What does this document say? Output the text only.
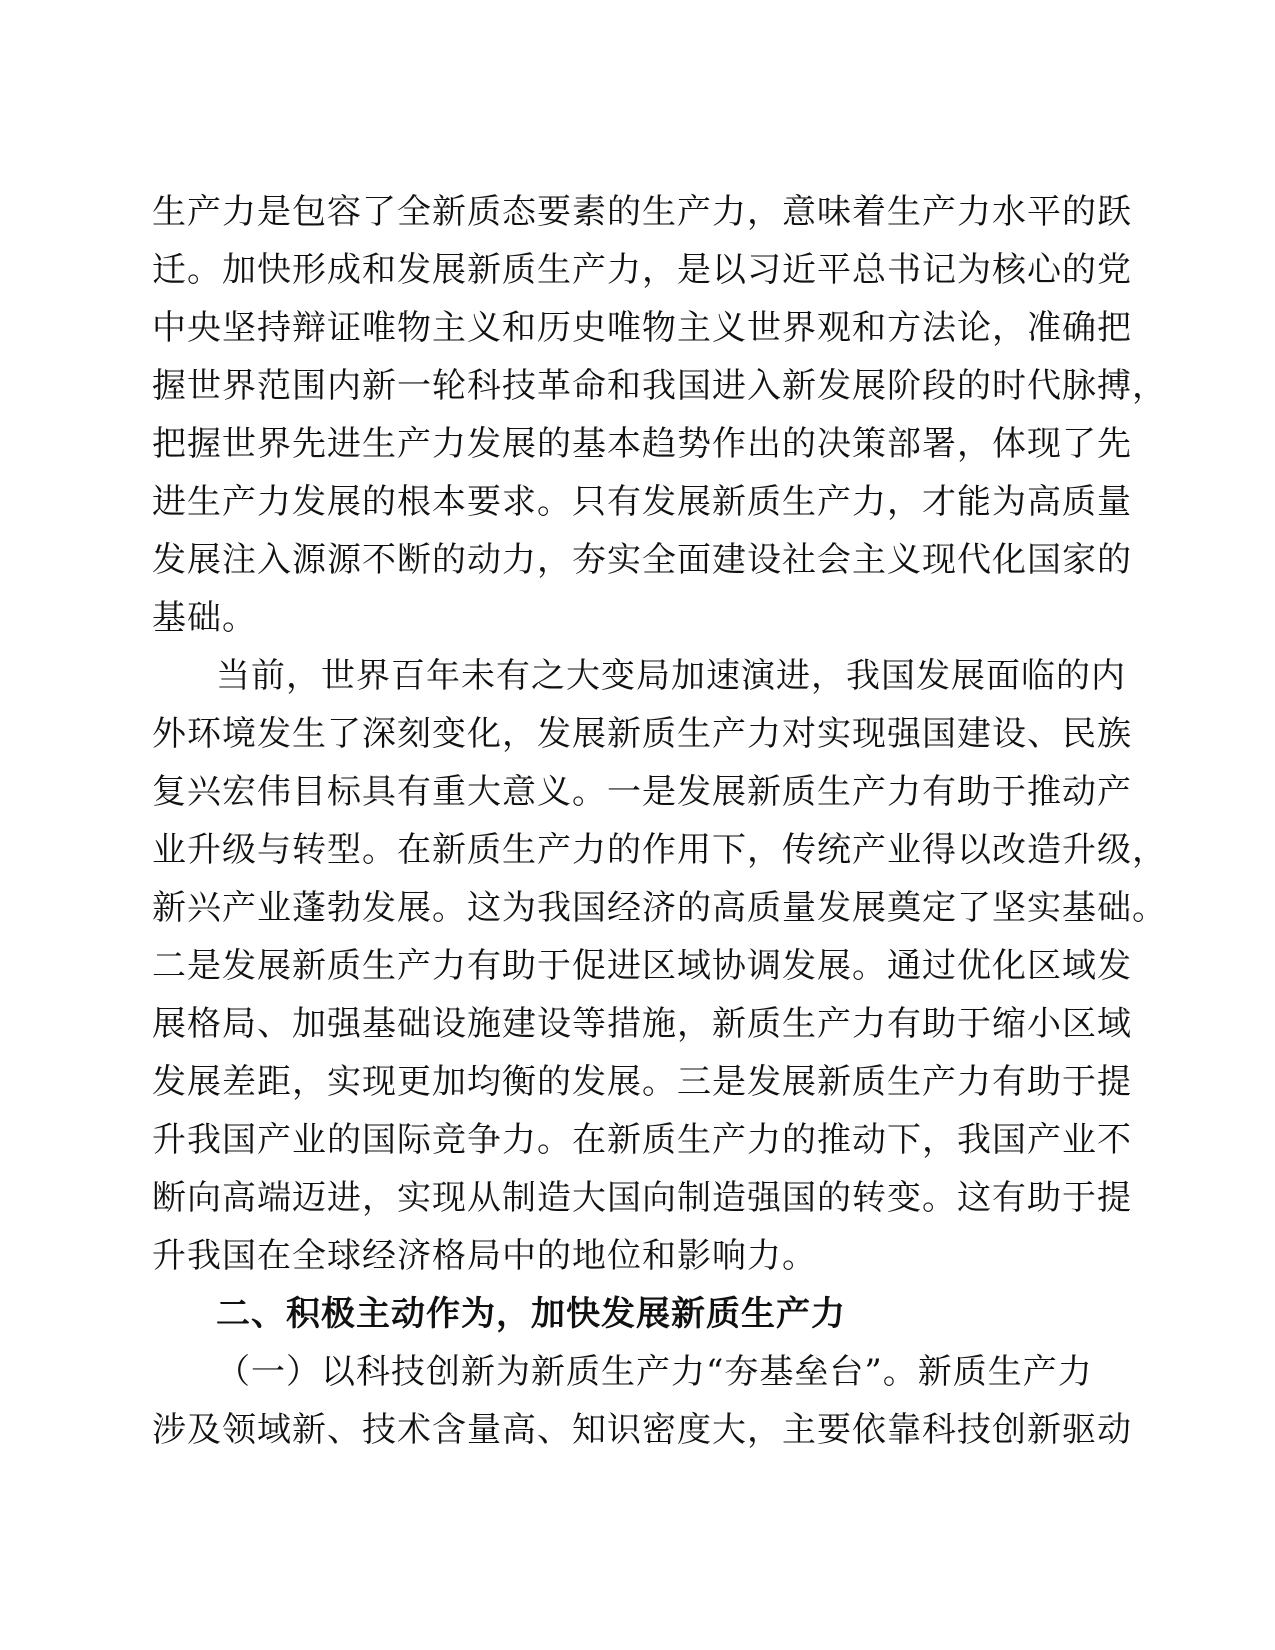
生产力是包容了全新质态要素的生产力，意味着生产力水平的跃
迁。加快形成和发展新质生产力，是以习近平总书记为核心的党
中央坚持辩证唯物主义和历史唯物主义世界观和方法论，准确把
握世界范围内新一轮科技革命和我国进入新发展阶段的时代脉搏，
把握世界先进生产力发展的基本趋势作出的决策部署，体现了先
进生产力发展的根本要求。只有发展新质生产力，才能为高质量
发展注入源源不断的动力，夯实全面建设社会主义现代化国家的
基础。
当前，世界百年未有之大变局加速演进，我国发展面临的内
外环境发生了深刻变化，发展新质生产力对实现强国建设、民族
复兴宏伟目标具有重大意义。一是发展新质生产力有助于推动产
业升级与转型。在新质生产力的作用下，传统产业得以改造升级，
新兴产业蓬勃发展。这为我国经济的高质量发展奠定了坚实基础。
二是发展新质生产力有助于促进区域协调发展。通过优化区域发
展格局、加强基础设施建设等措施，新质生产力有助于缩小区域
发展差距，实现更加均衡的发展。三是发展新质生产力有助于提
升我国产业的国际竞争力。在新质生产力的推动下，我国产业不
断向高端迈进，实现从制造大国向制造强国的转变。这有助于提
升我国在全球经济格局中的地位和影响力。
二、积极主动作为，加快发展新质生产力
（一）以科技创新为新质生产力“夯基垒台”。新质生产力
涉及领域新、技术含量高、知识密度大，主要依靠科技创新驱动
